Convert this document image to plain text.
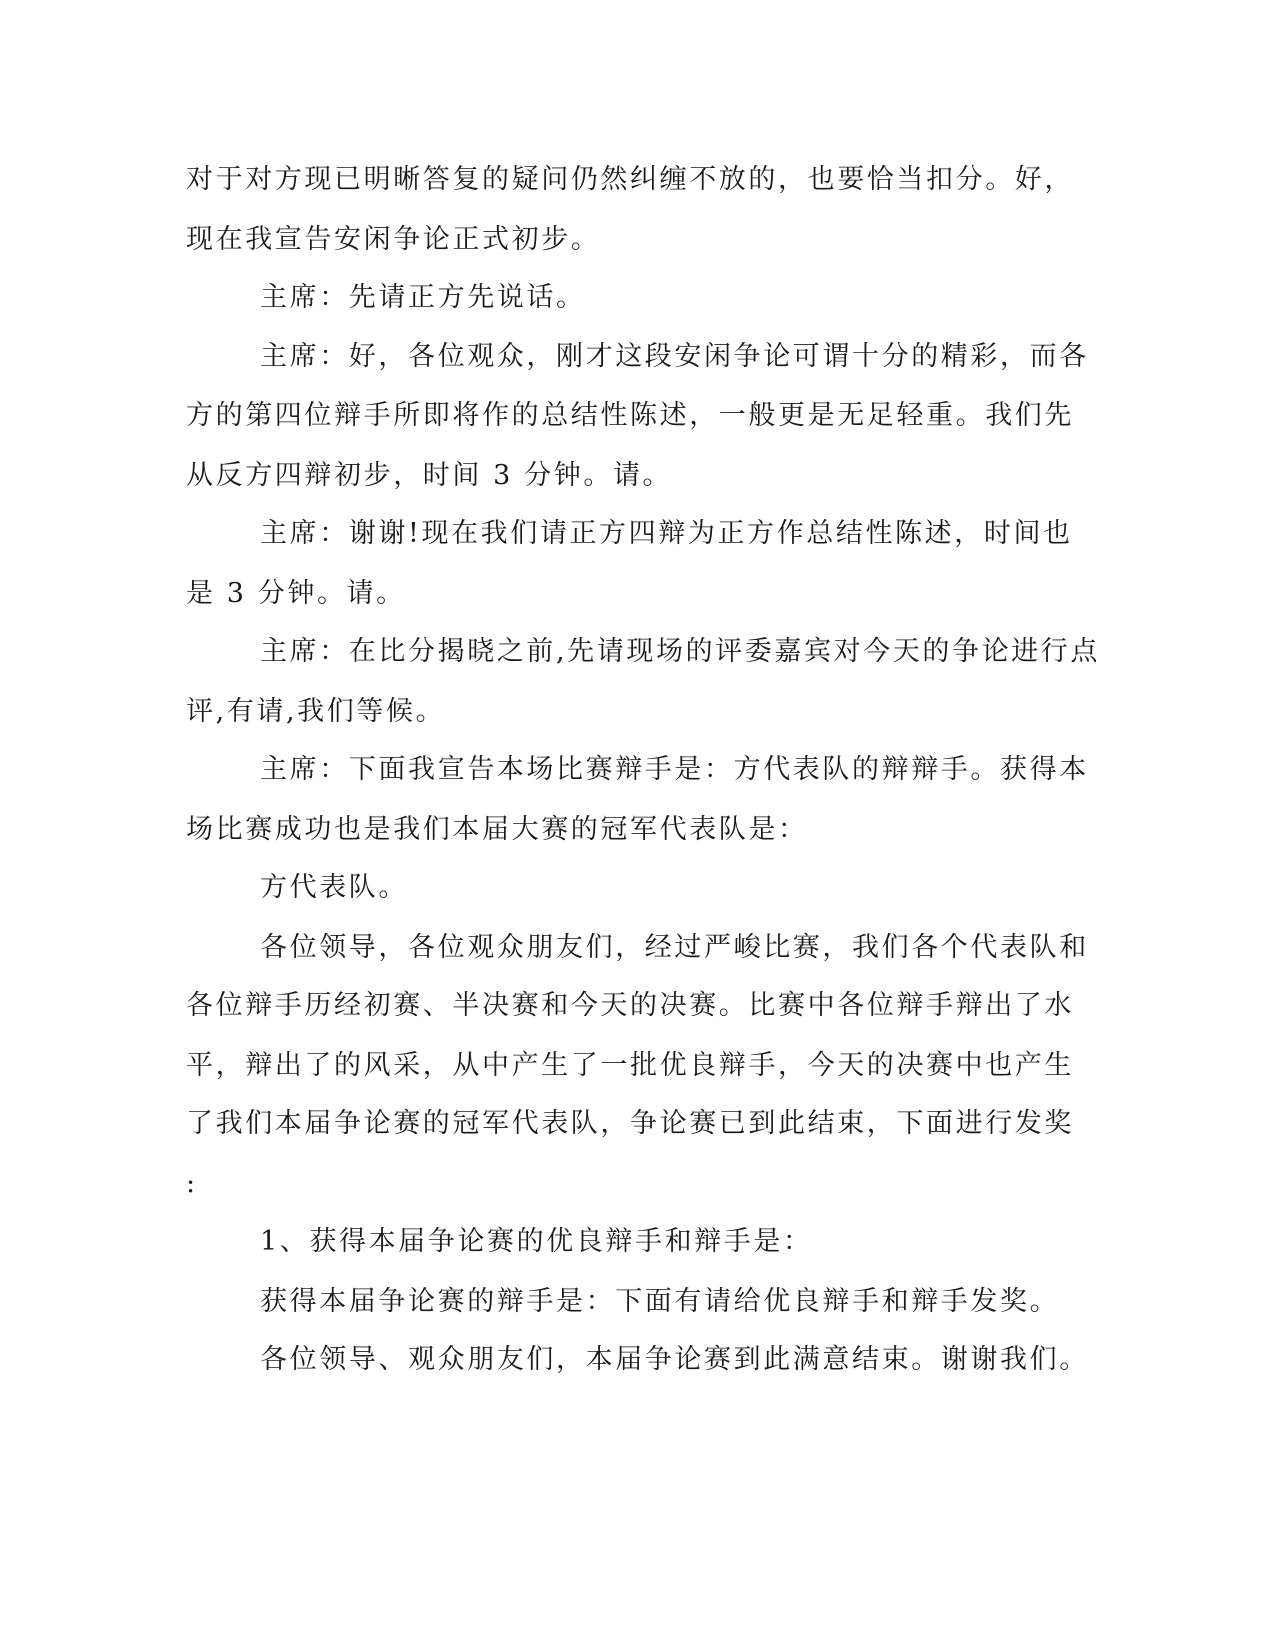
对于对方现已明晰答复的疑问仍然纠缠不放的，也要恰当扣分。好，
现在我宣告安闲争论正式初步。
主席：先请正方先说话。
主席：好，各位观众，刚才这段安闲争论可谓十分的精彩，而各
方的第四位辩手所即将作的总结性陈述，一般更是无足轻重。我们先
从反方四辩初步，时间 3 分钟。请。
主席：谢谢!现在我们请正方四辩为正方作总结性陈述，时间也
是 3 分钟。请。
主席：在比分揭晓之前,先请现场的评委嘉宾对今天的争论进行点
评,有请,我们等候。
主席：下面我宣告本场比赛辩手是：方代表队的辩辩手。获得本
场比赛成功也是我们本届大赛的冠军代表队是：
方代表队。
各位领导，各位观众朋友们，经过严峻比赛，我们各个代表队和
各位辩手历经初赛、半决赛和今天的决赛。比赛中各位辩手辩出了水
平，辩出了的风采，从中产生了一批优良辩手，今天的决赛中也产生
了我们本届争论赛的冠军代表队，争论赛已到此结束，下面进行发奖
:
1、获得本届争论赛的优良辩手和辩手是：
获得本届争论赛的辩手是：下面有请给优良辩手和辩手发奖。
各位领导、观众朋友们，本届争论赛到此满意结束。谢谢我们。
